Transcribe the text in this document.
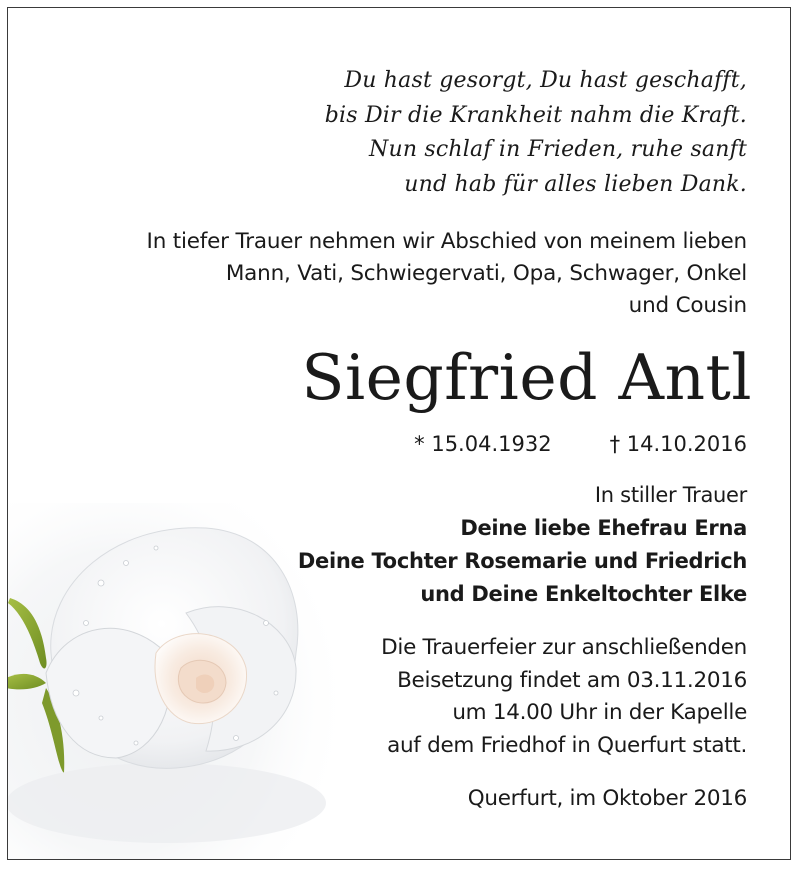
Du hast gesorgt, Du hast geschafft,
bis Dir die Krankheit nahm die Kraft.
Nun schlaf in Frieden, ruhe sanft
und hab für alles lieben Dank.
In tiefer Trauer nehmen wir Abschied von meinem lieben
Mann, Vati, Schwiegervati, Opa, Schwager, Onkel
und Cousin
Siegfried Antl
* 15.04.1932	† 14.10.2016
In stiller Trauer
Deine liebe Ehefrau Erna
Deine Tochter Rosemarie und Friedrich
und Deine Enkeltochter Elke
Die Trauerfeier zur anschließenden
Beisetzung findet am 03.11.2016
um 14.00 Uhr in der Kapelle
auf dem Friedhof in Querfurt statt.
Querfurt, im Oktober 2016
